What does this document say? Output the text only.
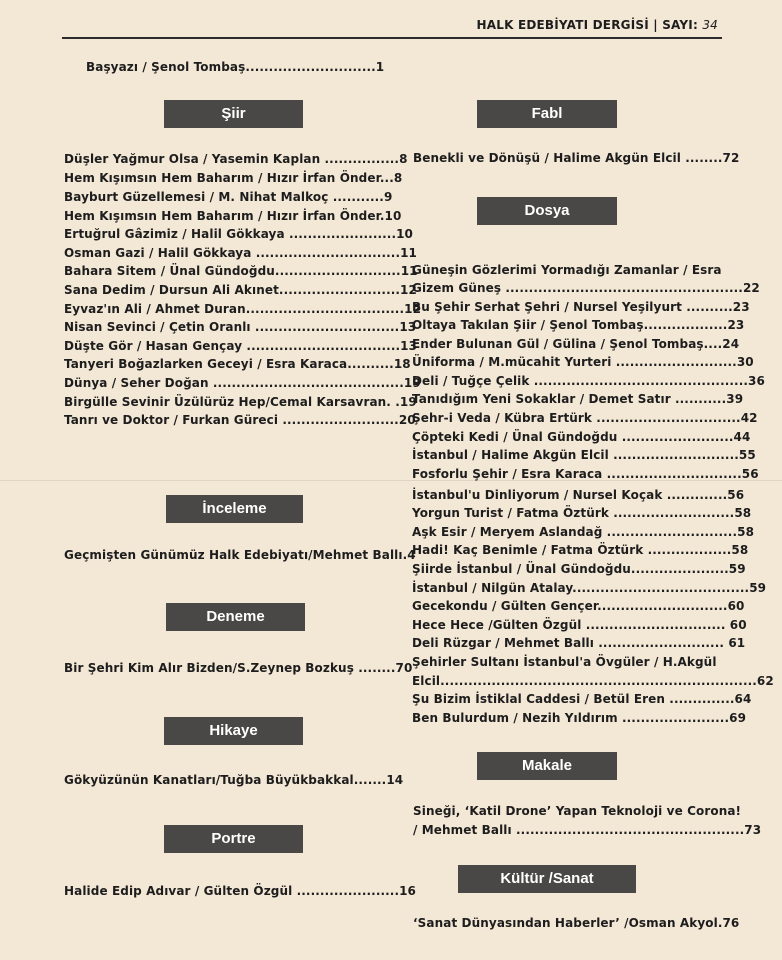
HALK EDEBİYATI DERGİSİ | SAYI: 34
Başyazı / Şenol Tombaş............................1
Şiir
Düşler Yağmur Olsa / Yasemin Kaplan ................8
Hem Kışımsın Hem Baharım / Hızır İrfan Önder...8
Bayburt Güzellemesi / M. Nihat Malkoç ...........9
Hem Kışımsın Hem Baharım / Hızır İrfan Önder.10
Ertuğrul Gâzimiz / Halil Gökkaya .......................10
Osman Gazi / Halil Gökkaya ...............................11
Bahara Sitem / Ünal Gündoğdu...........................11
Sana Dedim / Dursun Ali Akınet..........................12
Eyvaz'ın Ali / Ahmet Duran..................................12
Nisan Sevinci / Çetin Oranlı ...............................13
Düşte Gör / Hasan Gençay .................................13
Tanyeri Boğazlarken Geceyi / Esra Karaca..........18
Dünya / Seher Doğan .........................................19
Birgülle Sevinir Üzülürüz Hep/Cemal Karsavran. .19
Tanrı ve Doktor / Furkan Güreci .........................20
İnceleme
Geçmişten Günümüz Halk Edebiyatı/Mehmet Ballı.4
Deneme
Bir Şehri Kim Alır Bizden/S.Zeynep Bozkuş ........70
Hikaye
Gökyüzünün Kanatları/Tuğba Büyükbakkal.......14
Portre
Halide Edip Adıvar / Gülten Özgül ......................16
Fabl
Benekli ve Dönüşü / Halime Akgün Elcil ........72
Dosya
Güneşin Gözlerimi Yormadığı Zamanlar / Esra
Gizem Güneş ...................................................22
Bu Şehir Serhat Şehri / Nursel Yeşilyurt ..........23
Oltaya Takılan Şiir / Şenol Tombaş..................23
Ender Bulunan Gül / Gülina / Şenol Tombaş....24
Üniforma / M.mücahit Yurteri ..........................30
Deli / Tuğçe Çelik ..............................................36
Tanıdığım Yeni Sokaklar / Demet Satır ...........39
Şehr-i Veda / Kübra Ertürk ...............................42
Çöpteki Kedi / Ünal Gündoğdu ........................44
İstanbul / Halime Akgün Elcil ...........................55
Fosforlu Şehir / Esra Karaca .............................56
İstanbul'u Dinliyorum / Nursel Koçak .............56
Yorgun Turist / Fatma Öztürk ..........................58
Aşk Esir / Meryem Aslandağ ............................58
Hadi! Kaç Benimle / Fatma Öztürk ..................58
Şiirde İstanbul / Ünal Gündoğdu.....................59
İstanbul / Nilgün Atalay......................................59
Gecekondu / Gülten Gençer............................60
Hece Hece /Gülten Özgül .............................. 60
Deli Rüzgar / Mehmet Ballı ........................... 61
Şehirler Sultanı İstanbul'a Övgüler / H.Akgül
Elcil....................................................................62
Şu Bizim İstiklal Caddesi / Betül Eren ..............64
Ben Bulurdum / Nezih Yıldırım .......................69
Makale
Sineği, ‘Katil Drone’ Yapan Teknoloji ve Corona!
/ Mehmet Ballı .................................................73
Kültür /Sanat
‘Sanat Dünyasından Haberler’ /Osman Akyol.76
